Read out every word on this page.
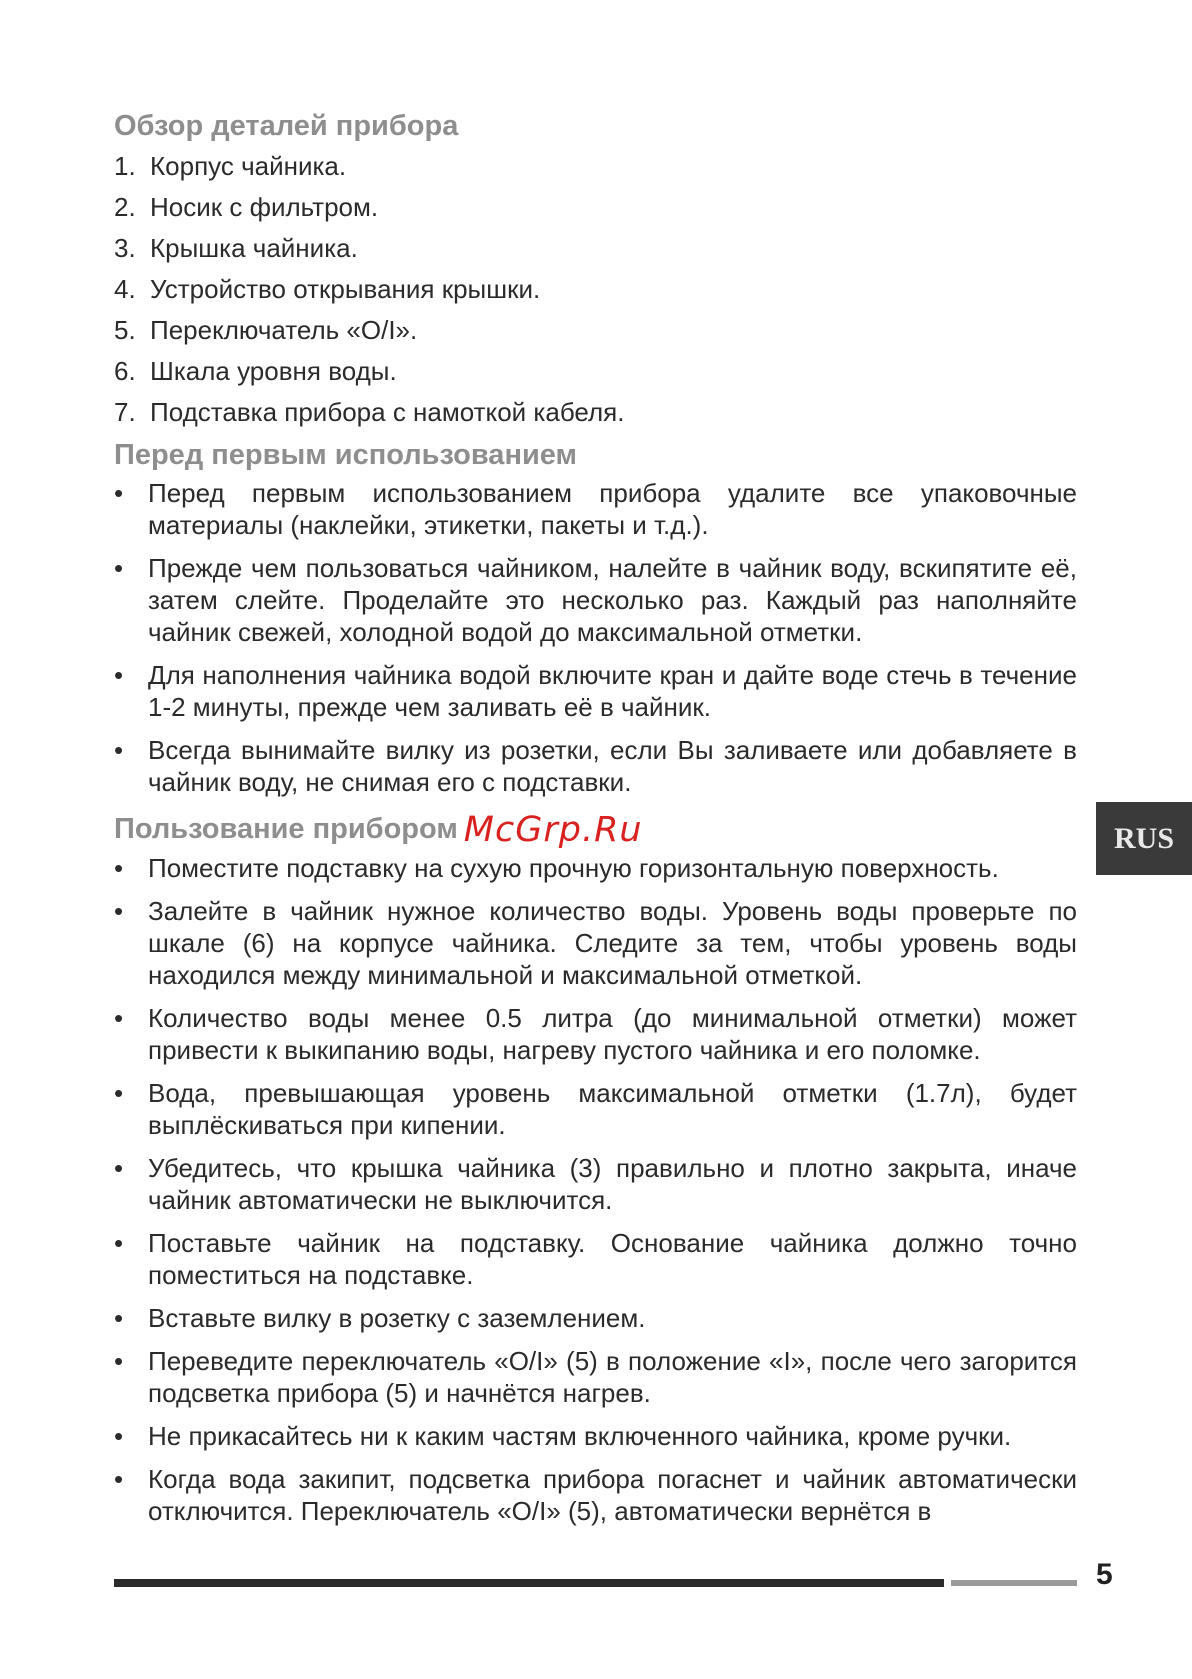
Обзор деталей прибора
1. Корпус чайника.
2. Носик с фильтром.
3. Крышка чайника.
4. Устройство открывания крышки.
5. Переключатель «O/I».
6. Шкала уровня воды.
7. Подставка прибора с намоткой кабеля.
Перед первым использованием
• Перед первым использованием прибора удалите все упаковочные материалы (наклейки, этикетки, пакеты и т.д.).
• Прежде чем пользоваться чайником, налейте в чайник воду, вскипятите её, затем слейте. Проделайте это несколько раз. Каждый раз наполняйте чайник свежей, холодной водой до максимальной отметки.
• Для наполнения чайника водой включите кран и дайте воде стечь в течение 1-2 минуты, прежде чем заливать её в чайник.
• Всегда вынимайте вилку из розетки, если Вы заливаете или добавляете в чайник воду, не снимая его с подставки.
Пользование прибором McGrp.Ru
• Поместите подставку на сухую прочную горизонтальную поверхность.
• Залейте в чайник нужное количество воды. Уровень воды проверьте по шкале (6) на корпусе чайника. Следите за тем, чтобы уровень воды находился между минимальной и максимальной отметкой.
• Количество воды менее 0.5 литра (до минимальной отметки) может привести к выкипанию воды, нагреву пустого чайника и его поломке.
• Вода, превышающая уровень максимальной отметки (1.7л), будет выплёскиваться при кипении.
• Убедитесь, что крышка чайника (3) правильно и плотно закрыта, иначе чайник автоматически не выключится.
• Поставьте чайник на подставку. Основание чайника должно точно поместиться на подставке.
• Вставьте вилку в розетку с заземлением.
• Переведите переключатель «O/I» (5) в положение «I», после чего загорится подсветка прибора (5) и начнётся нагрев.
• Не прикасайтесь ни к каким частям включенного чайника, кроме ручки.
• Когда вода закипит, подсветка прибора погаснет и чайник автоматически отключится. Переключатель «O/I» (5), автоматически вернётся в
RUS
5
